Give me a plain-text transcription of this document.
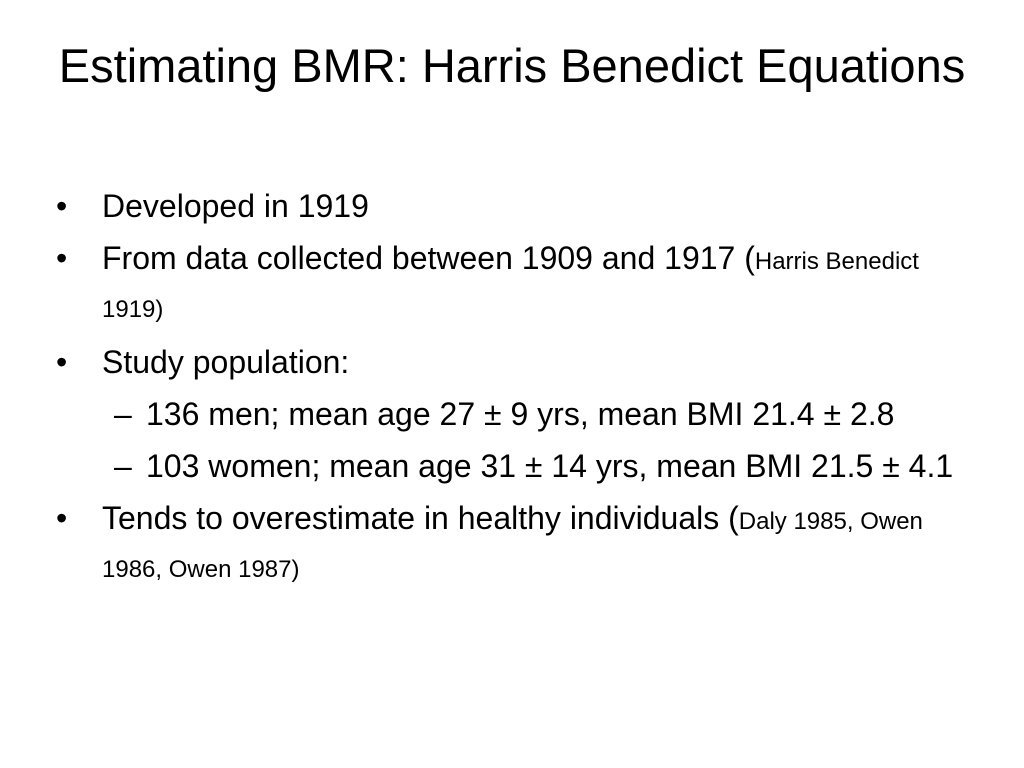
Estimating BMR: Harris Benedict Equations
• Developed in 1919
• From data collected between 1909 and 1917 (Harris Benedict 1919)
• Study population:
– 136 men; mean age 27 ± 9 yrs, mean BMI 21.4 ± 2.8
– 103 women; mean age 31 ± 14 yrs, mean BMI 21.5 ± 4.1
• Tends to overestimate in healthy individuals (Daly 1985, Owen 1986, Owen 1987)
